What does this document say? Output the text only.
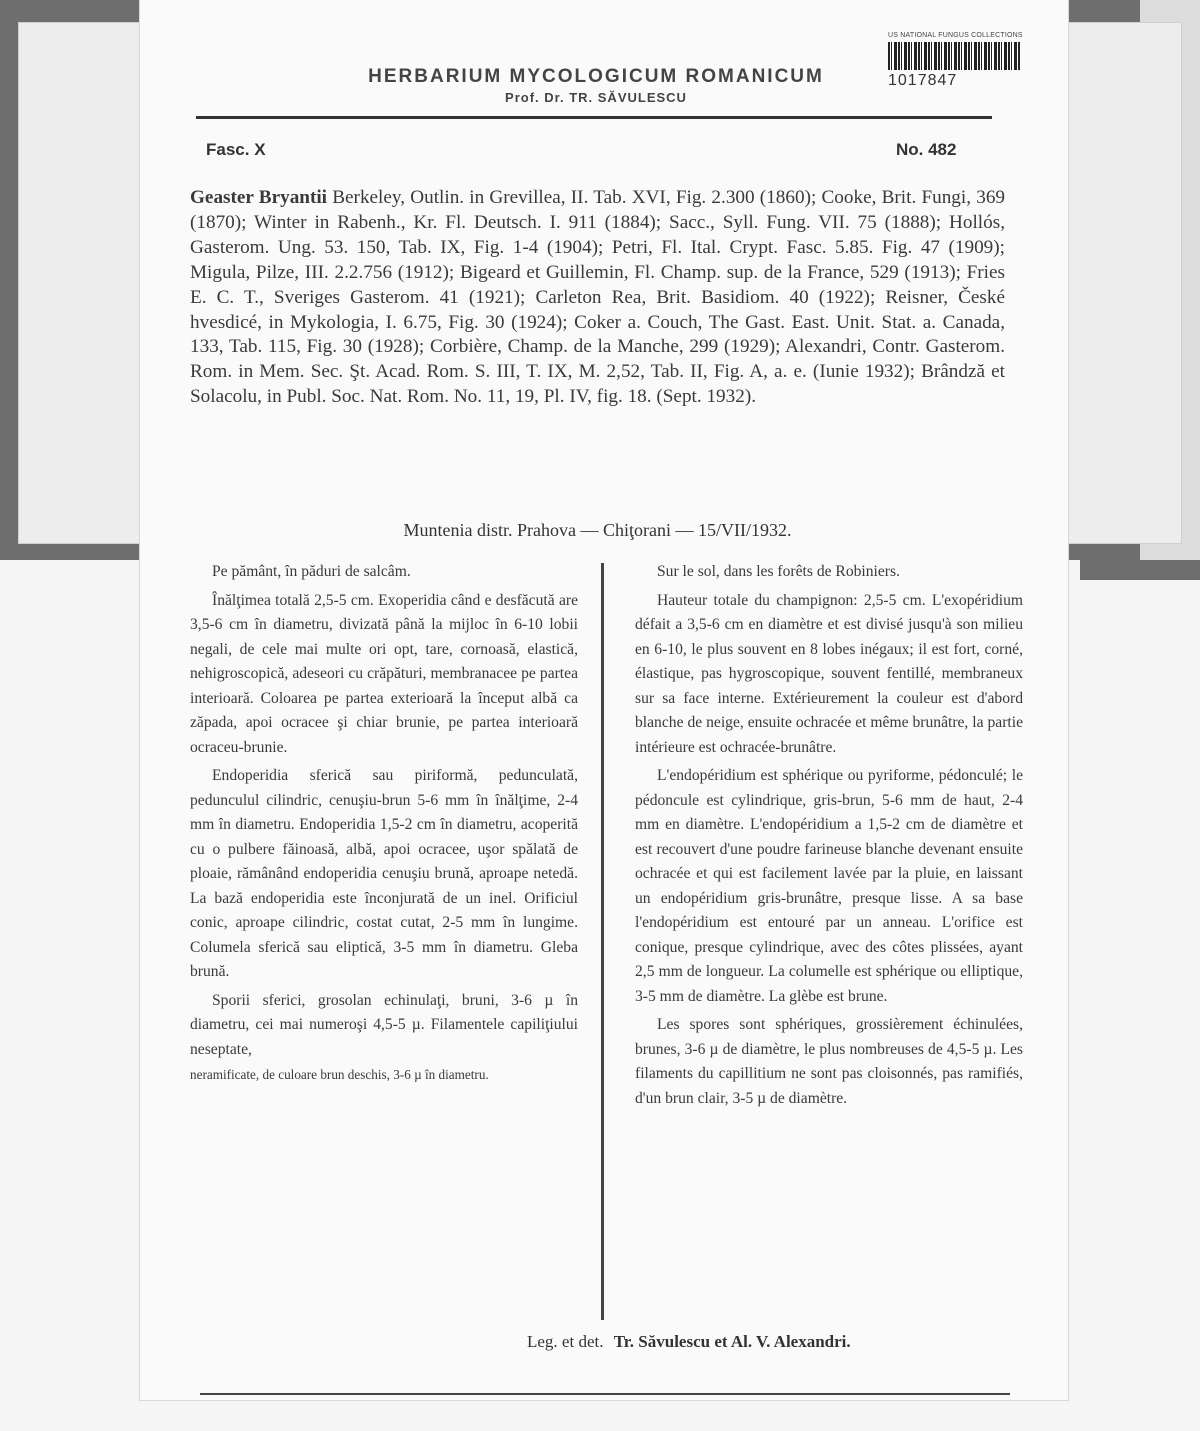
US NATIONAL FUNGUS COLLECTIONS
1017847
HERBARIUM MYCOLOGICUM ROMANICUM
Prof. Dr. TR. SĂVULESCU
Fasc. X	No. 482
Geaster Bryantii Berkeley, Outlin. in Grevillea, II. Tab. XVI, Fig. 2.300 (1860); Cooke, Brit. Fungi, 369 (1870); Winter in Rabenh., Kr. Fl. Deutsch. I. 911 (1884); Sacc., Syll. Fung. VII. 75 (1888); Hollós, Gasterom. Ung. 53. 150, Tab. IX, Fig. 1-4 (1904); Petri, Fl. Ital. Crypt. Fasc. 5.85. Fig. 47 (1909); Migula, Pilze, III. 2.2.756 (1912); Bigeard et Guillemin, Fl. Champ. sup. de la France, 529 (1913); Fries E. C. T., Sveriges Gasterom. 41 (1921); Carleton Rea, Brit. Basidiom. 40 (1922); Reisner, České hvesdicé, in Mykologia, I. 6.75, Fig. 30 (1924); Coker a. Couch, The Gast. East. Unit. Stat. a. Canada, 133, Tab. 115, Fig. 30 (1928); Corbière, Champ. de la Manche, 299 (1929); Alexandri, Contr. Gasterom. Rom. in Mem. Sec. Şt. Acad. Rom. S. III, T. IX, M. 2,52, Tab. II, Fig. A, a. e. (Iunie 1932); Brândză et Solacolu, in Publ. Soc. Nat. Rom. No. 11, 19, Pl. IV, fig. 18. (Sept. 1932).
Muntenia distr. Prahova — Chiţorani — 15/VII/1932.

Pe pământ, în păduri de salcâm.

Înălţimea totală 2,5-5 cm. Exoperidia când e desfăcută are 3,5-6 cm în diametru, divizată până la mijloc în 6-10 lobii negali, de cele mai multe ori opt, tare, cornoasă, elastică, nehigroscopică, adeseori cu crăpături, membranacee pe partea interioară. Coloarea pe partea exterioară la început albă ca zăpada, apoi ocracee şi chiar brunie, pe partea interioară ocraceu-brunie.

Endoperidia sferică sau piriformă, pedunculată, pedunculul cilindric, cenuşiu-brun 5-6 mm în înălţime, 2-4 mm în diametru. Endoperidia 1,5-2 cm în diametru, acoperită cu o pulbere făinoasă, albă, apoi ocracee, uşor spălată de ploaie, rămânând endoperidia cenuşiu brună, aproape netedă. La bază endoperidia este înconjurată de un inel. Orificiul conic, aproape cilindric, costat cutat, 2-5 mm în lungime. Columela sferică sau eliptică, 3-5 mm în diametru. Gleba brună.

Sporii sferici, grosolan echinulaţi, bruni, 3-6 µ în diametru, cei mai numeroşi 4,5-5 µ. Filamentele capiliţiului neseptate,

neramificate, de culoare brun deschis, 3-6 µ în diametru.

Sur le sol, dans les forêts de Robiniers.

Hauteur totale du champignon: 2,5-5 cm. L'exopéridium défait a 3,5-6 cm en diamètre et est divisé jusqu'à son milieu en 6-10, le plus souvent en 8 lobes inégaux; il est fort, corné, élastique, pas hygroscopique, souvent fentillé, membraneux sur sa face interne. Extérieurement la couleur est d'abord blanche de neige, ensuite ochracée et même brunâtre, la partie intérieure est ochracée-brunâtre.

L'endopéridium est sphérique ou pyriforme, pédonculé; le pédoncule est cylindrique, gris-brun, 5-6 mm de haut, 2-4 mm en diamètre. L'endopéridium a 1,5-2 cm de diamètre et est recouvert d'une poudre farineuse blanche devenant ensuite ochracée et qui est facilement lavée par la pluie, en laissant un endopéridium gris-brunâtre, presque lisse. A sa base l'endopéridium est entouré par un anneau. L'orifice est conique, presque cylindrique, avec des côtes plissées, ayant 2,5 mm de longueur. La columelle est sphérique ou elliptique, 3-5 mm de diamètre. La glèbe est brune.

Les spores sont sphériques, grossièrement échinulées, brunes, 3-6 µ de diamètre, le plus nombreuses de 4,5-5 µ. Les filaments du capillitium ne sont pas cloisonnés, pas ramifiés, d'un brun clair, 3-5 µ de diamètre.

Leg. et det. Tr. Săvulescu et Al. V. Alexandri.
